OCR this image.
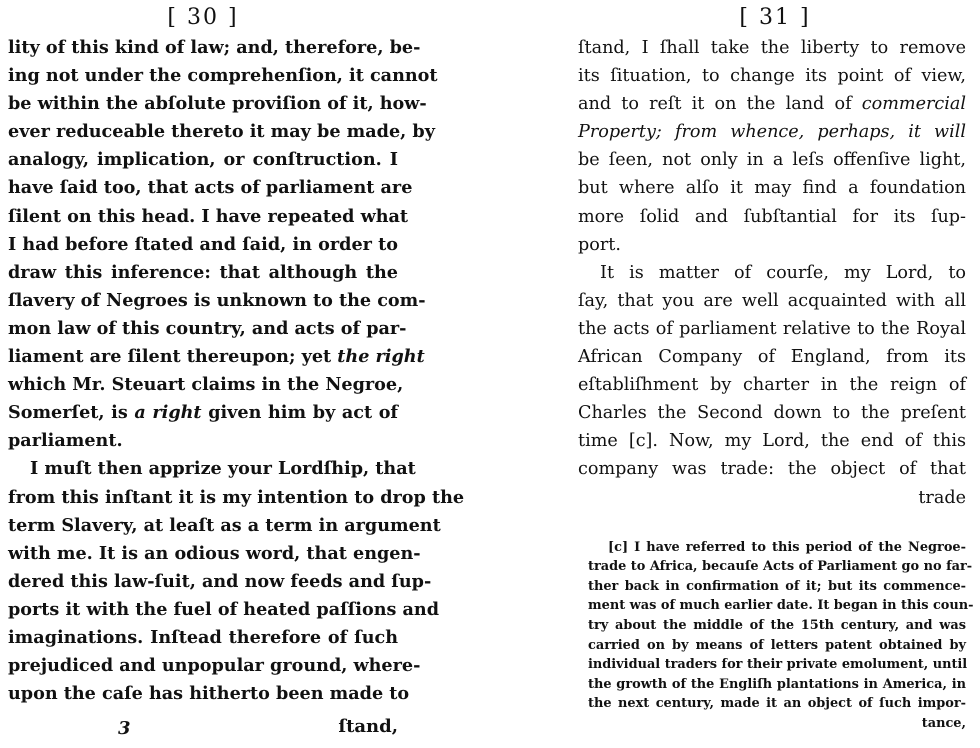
[ 30 ]
lity of this kind of law; and, therefore, be-
ing not under the comprehenſion, it cannot
be within the abſolute proviſion of it, how-
ever reduceable thereto it may be made, by
analogy, implication, or conſtruction. I
have ſaid too, that acts of parliament are
ſilent on this head. I have repeated what
I had before ſtated and ſaid, in order to
draw this inference: that although the
ſlavery of Negroes is unknown to the com-
mon law of this country, and acts of par-
liament are ſilent thereupon; yet the right
which Mr. Steuart claims in the Negroe,
Somerſet, is a right given him by act of
parliament.
I muſt then apprize your Lordſhip, that
from this inſtant it is my intention to drop the
term Slavery, at leaſt as a term in argument
with me. It is an odious word, that engen-
dered this law-ſuit, and now feeds and ſup-
ports it with the fuel of heated paſſions and
imaginations. Inſtead therefore of ſuch
prejudiced and unpopular ground, where-
upon the caſe has hitherto been made to
3	ſtand,
[ 31 ]
ſtand, I ſhall take the liberty to remove
its ſituation, to change its point of view,
and to reſt it on the land of commercial
Property; from whence, perhaps, it will
be ſeen, not only in a leſs offenſive light,
but where alſo it may find a foundation
more ſolid and ſubſtantial for its ſup-
port.
It is matter of courſe, my Lord, to
ſay, that you are well acquainted with all
the acts of parliament relative to the Royal
African Company of England, from its
eſtabliſhment by charter in the reign of
Charles the Second down to the preſent
time [c]. Now, my Lord, the end of this
company was trade: the object of that
trade
[c] I have referred to this period of the Negroe-
trade to Africa, becauſe Acts of Parliament go no far-
ther back in confirmation of it; but its commence-
ment was of much earlier date. It began in this coun-
try about the middle of the 15th century, and was
carried on by means of letters patent obtained by
individual traders for their private emolument, until
the growth of the Engliſh plantations in America, in
the next century, made it an object of ſuch impor-
tance,
